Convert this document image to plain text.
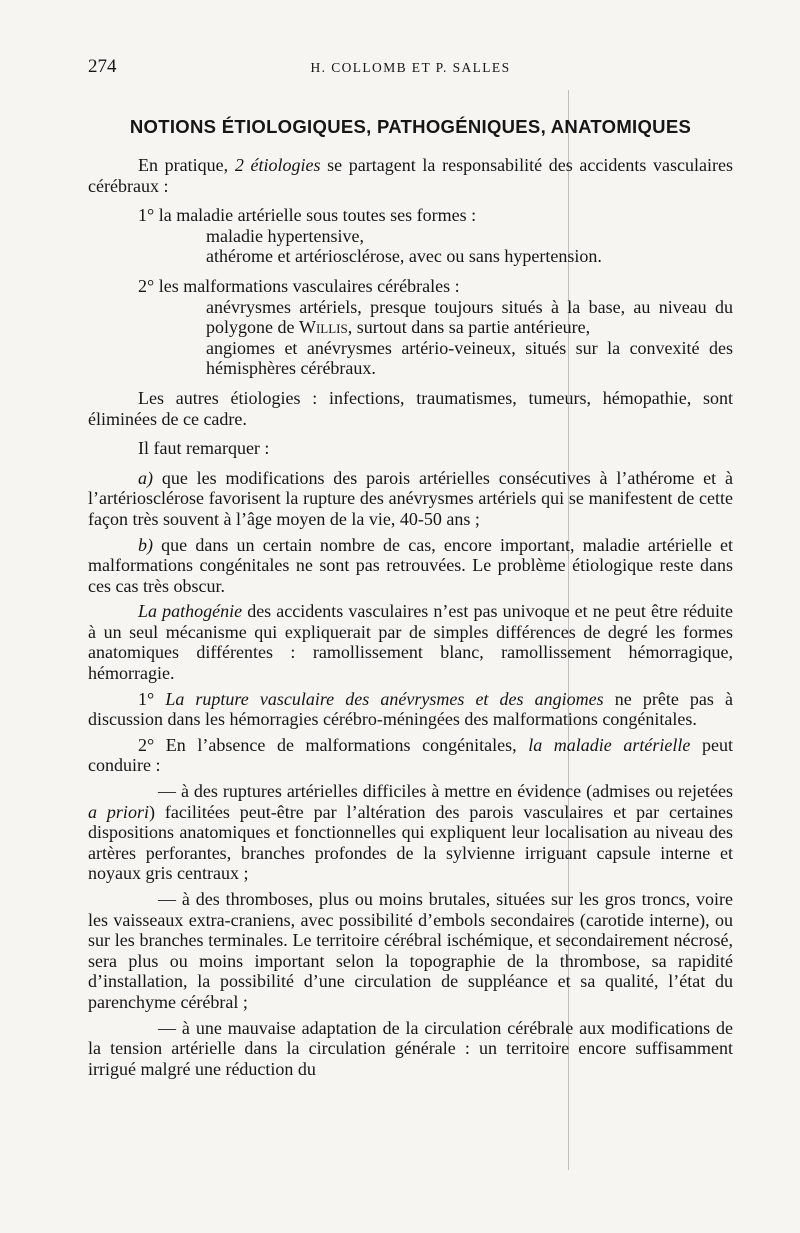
274	H. COLLOMB ET P. SALLES
NOTIONS ÉTIOLOGIQUES, PATHOGÉNIQUES, ANATOMIQUES

En pratique, 2 étiologies se partagent la responsabilité des accidents vasculaires cérébraux :

1° la maladie artérielle sous toutes ses formes :

maladie hypertensive,

athérome et artériosclérose, avec ou sans hypertension.

2° les malformations vasculaires cérébrales :

anévrysmes artériels, presque toujours situés à la base, au niveau du polygone de Willis, surtout dans sa partie antérieure,

angiomes et anévrysmes artério-veineux, situés sur la convexité des hémisphères cérébraux.

Les autres étiologies : infections, traumatismes, tumeurs, hémopathie, sont éliminées de ce cadre.

Il faut remarquer :

a) que les modifications des parois artérielles consécutives à l’athérome et à l’artériosclérose favorisent la rupture des anévrysmes artériels qui se manifestent de cette façon très souvent à l’âge moyen de la vie, 40-50 ans ;

b) que dans un certain nombre de cas, encore important, maladie artérielle et malformations congénitales ne sont pas retrouvées. Le problème étiologique reste dans ces cas très obscur.

La pathogénie des accidents vasculaires n’est pas univoque et ne peut être réduite à un seul mécanisme qui expliquerait par de simples différences de degré les formes anatomiques différentes : ramollissement blanc, ramollissement hémorragique, hémorragie.

1° La rupture vasculaire des anévrysmes et des angiomes ne prête pas à discussion dans les hémorragies cérébro-méningées des malformations congénitales.

2° En l’absence de malformations congénitales, la maladie artérielle peut conduire :

— à des ruptures artérielles difficiles à mettre en évidence (admises ou rejetées a priori) facilitées peut-être par l’altération des parois vasculaires et par certaines dispositions anatomiques et fonctionnelles qui expliquent leur localisation au niveau des artères perforantes, branches profondes de la sylvienne irriguant capsule interne et noyaux gris centraux ;

— à des thromboses, plus ou moins brutales, situées sur les gros troncs, voire les vaisseaux extra-craniens, avec possibilité d’embols secondaires (carotide interne), ou sur les branches terminales. Le territoire cérébral ischémique, et secondairement nécrosé, sera plus ou moins important selon la topographie de la thrombose, sa rapidité d’installation, la possibilité d’une circulation de suppléance et sa qualité, l’état du parenchyme cérébral ;

— à une mauvaise adaptation de la circulation cérébrale aux modifications de la tension artérielle dans la circulation générale : un territoire encore suffisamment irrigué malgré une réduction du
